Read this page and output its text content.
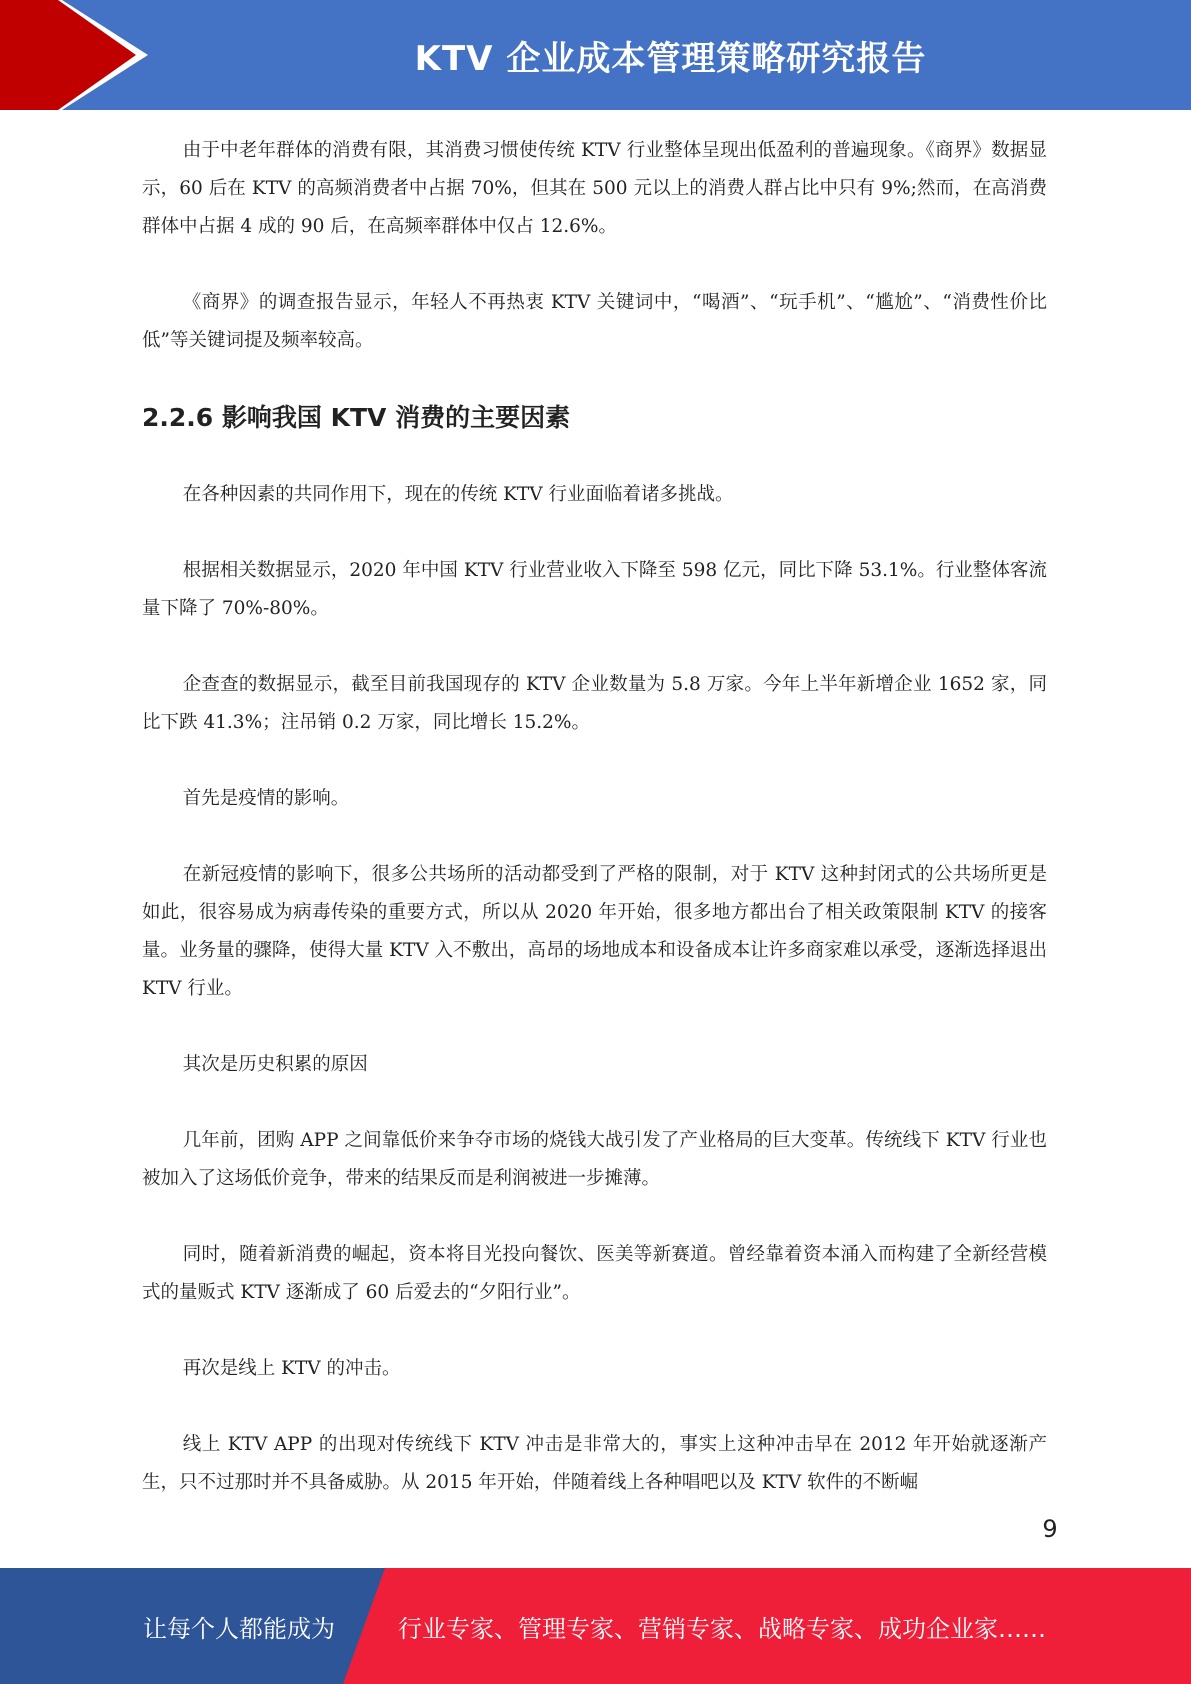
KTV 企业成本管理策略研究报告

由于中老年群体的消费有限，其消费习惯使传统 KTV 行业整体呈现出低盈利的普遍现象。《商界》数据显示，60 后在 KTV 的高频消费者中占据 70%，但其在 500 元以上的消费人群占比中只有 9%;然而，在高消费群体中占据 4 成的 90 后，在高频率群体中仅占 12.6%。

《商界》的调查报告显示，年轻人不再热衷 KTV 关键词中，“喝酒”、“玩手机”、“尴尬”、“消费性价比低”等关键词提及频率较高。

2.2.6 影响我国 KTV 消费的主要因素

在各种因素的共同作用下，现在的传统 KTV 行业面临着诸多挑战。

根据相关数据显示，2020 年中国 KTV 行业营业收入下降至 598 亿元，同比下降 53.1%。行业整体客流量下降了 70%-80%。

企查查的数据显示，截至目前我国现存的 KTV 企业数量为 5.8 万家。今年上半年新增企业 1652 家，同比下跌 41.3%；注吊销 0.2 万家，同比增长 15.2%。

首先是疫情的影响。

在新冠疫情的影响下，很多公共场所的活动都受到了严格的限制，对于 KTV 这种封闭式的公共场所更是如此，很容易成为病毒传染的重要方式，所以从 2020 年开始，很多地方都出台了相关政策限制 KTV 的接客量。业务量的骤降，使得大量 KTV 入不敷出，高昂的场地成本和设备成本让许多商家难以承受，逐渐选择退出 KTV 行业。

其次是历史积累的原因

几年前，团购 APP 之间靠低价来争夺市场的烧钱大战引发了产业格局的巨大变革。传统线下 KTV 行业也被加入了这场低价竞争，带来的结果反而是利润被进一步摊薄。

同时，随着新消费的崛起，资本将目光投向餐饮、医美等新赛道。曾经靠着资本涌入而构建了全新经营模式的量贩式 KTV 逐渐成了 60 后爱去的“夕阳行业”。

再次是线上 KTV 的冲击。

线上 KTV APP 的出现对传统线下 KTV 冲击是非常大的，事实上这种冲击早在 2012 年开始就逐渐产生，只不过那时并不具备威胁。从 2015 年开始，伴随着线上各种唱吧以及 KTV 软件的不断崛

9
让每个人都能成为	行业专家、管理专家、营销专家、战略专家、成功企业家……
